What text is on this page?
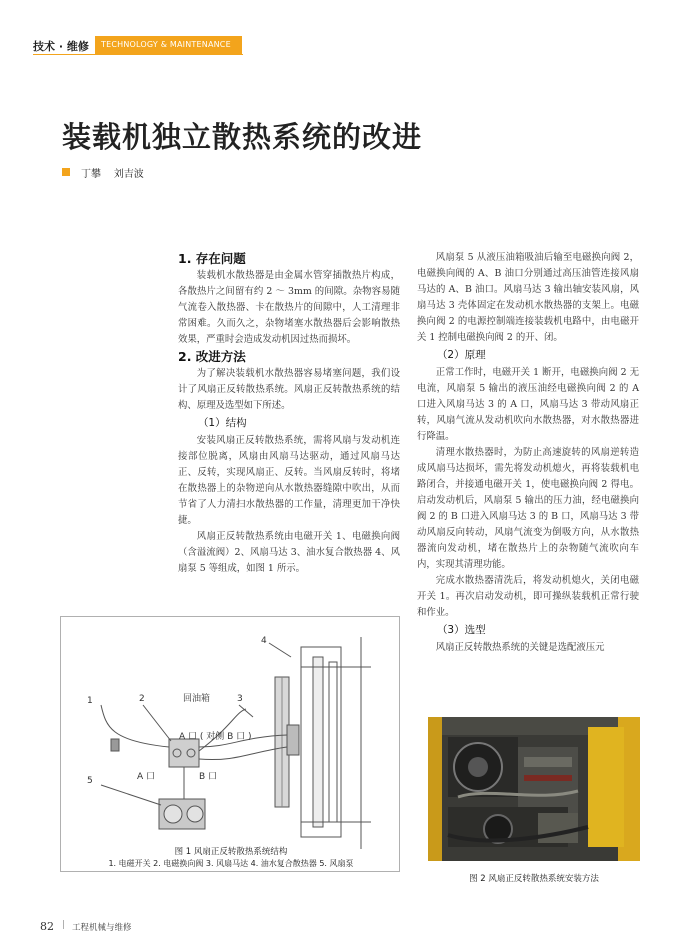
技术 · 维修	TECHNOLOGY & MAINTENANCE
装载机独立散热系统的改进
丁攀    刘吉波
1. 存在问题

装载机水散热器是由金属水管穿插散热片构成，各散热片之间留有约 2 ～ 3mm 的间隙。杂物容易随气流卷入散热器、卡在散热片的间隙中，人工清理非常困难。久而久之，杂物堵塞水散热器后会影响散热效果，严重时会造成发动机因过热而损坏。

2. 改进方法

为了解决装载机水散热器容易堵塞问题，我们设计了风扇正反转散热系统。风扇正反转散热系统的结构、原理及选型如下所述。

（1）结构

安装风扇正反转散热系统，需将风扇与发动机连接部位脱离，风扇由风扇马达驱动，通过风扇马达正、反转，实现风扇正、反转。当风扇反转时，将堵在散热器上的杂物逆向从水散热器缝隙中吹出，从而节省了人力清扫水散热器的工作量，清理更加干净快捷。

风扇正反转散热系统由电磁开关 1、电磁换向阀（含溢流阀）2、风扇马达 3、油水复合散热器 4、风扇泵 5 等组成，如图 1 所示。

风扇泵 5 从液压油箱吸油后输至电磁换向阀 2，电磁换向阀的 A、B 油口分别通过高压油管连接风扇马达的 A、B 油口。风扇马达 3 输出轴安装风扇，风扇马达 3 壳体固定在发动机水散热器的支架上。电磁换向阀 2 的电源控制端连接装载机电路中，由电磁开关 1 控制电磁换向阀 2 的开、闭。

（2）原理

正常工作时，电磁开关 1 断开，电磁换向阀 2 无电流，风扇泵 5 输出的液压油经电磁换向阀 2 的 A 口进入风扇马达 3 的 A 口，风扇马达 3 带动风扇正转，风扇气流从发动机吹向水散热器，对水散热器进行降温。

清理水散热器时，为防止高速旋转的风扇逆转造成风扇马达损坏，需先将发动机熄火，再将装载机电路闭合，并接通电磁开关 1，使电磁换向阀 2 得电。启动发动机后，风扇泵 5 输出的压力油，经电磁换向阀 2 的 B 口进入风扇马达 3 的 B 口，风扇马达 3 带动风扇反向转动，风扇气流变为倒吸方向，从水散热器流向发动机，堵在散热片上的杂物随气流吹向车内，实现其清理功能。

完成水散热器清洗后，将发动机熄火，关闭电磁开关 1。再次启动发动机，即可操纵装载机正常行驶和作业。

（3）选型

风扇正反转散热系统的关键是选配液压元

4
1	2	回油箱	3
A 口 ( 对侧 B 口 )
5	A 口	B 口
图 1 风扇正反转散热系统结构
1. 电磁开关 2. 电磁换向阀 3. 风扇马达 4. 油水复合散热器 5. 风扇泵
图 2 风扇正反转散热系统安装方法
82 | 工程机械与维修
